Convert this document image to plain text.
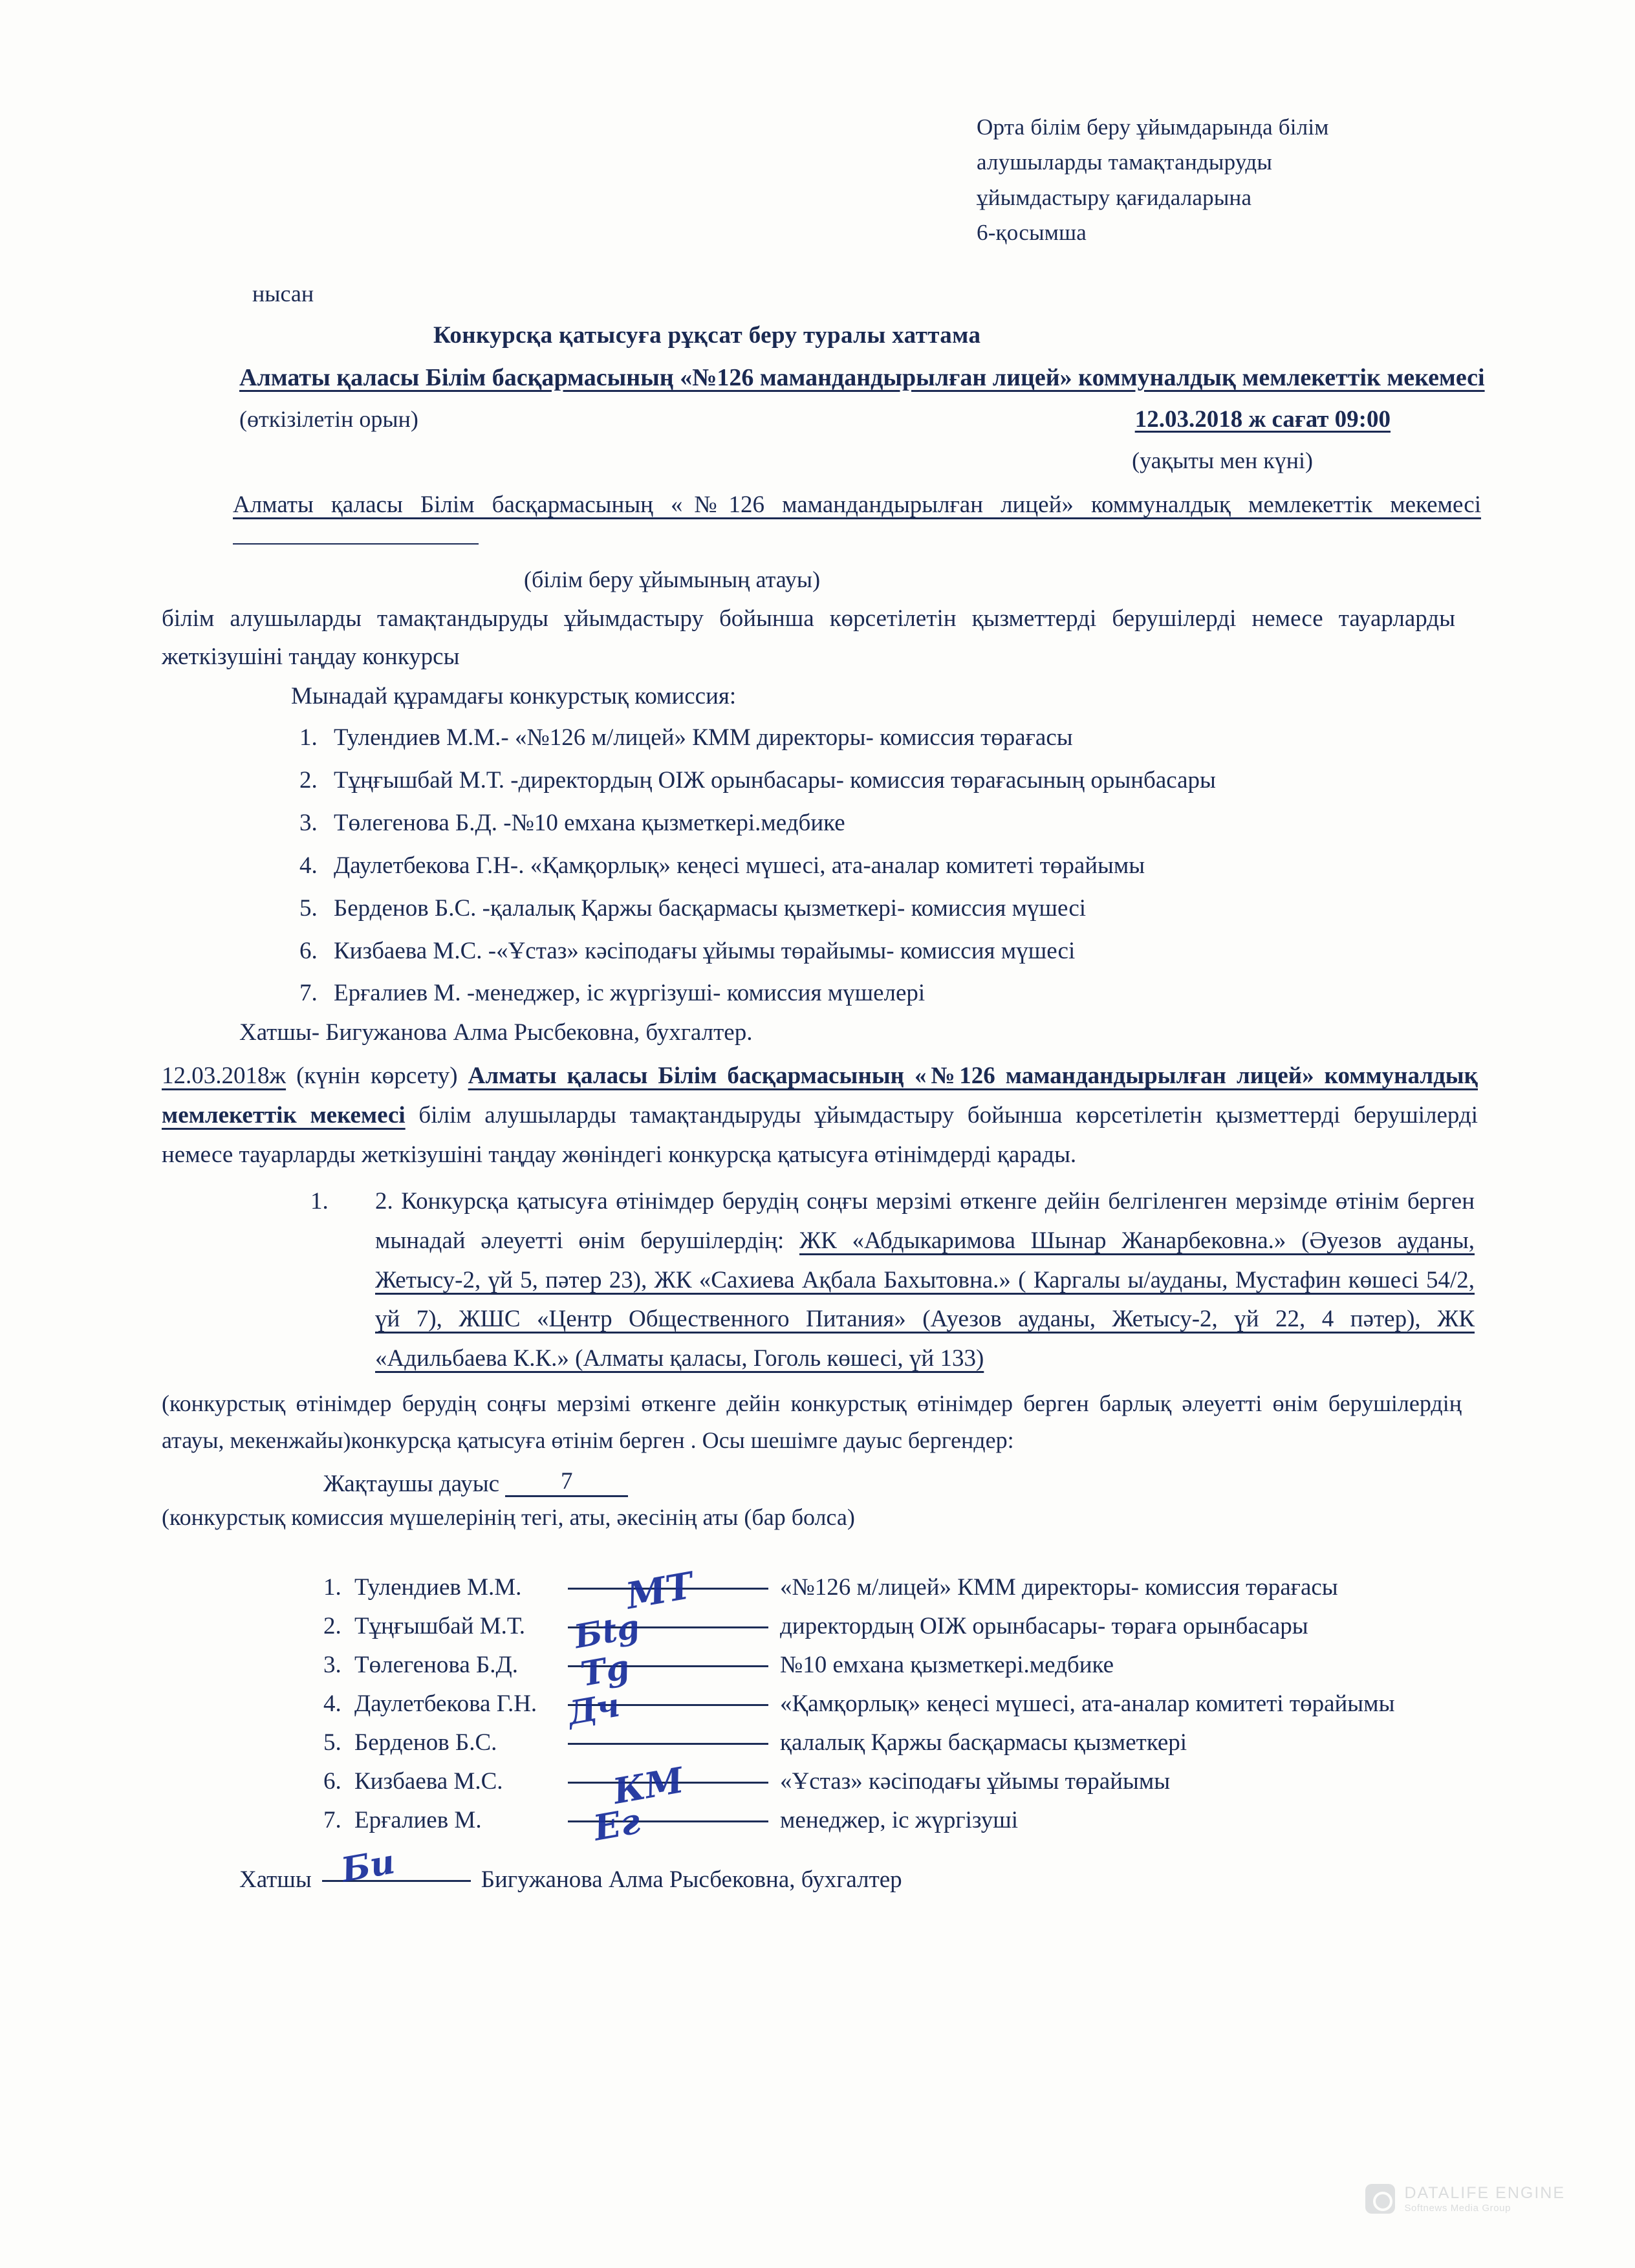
Орта білім беру ұйымдарында білім
алушыларды тамақтандыруды
ұйымдастыру қағидаларына
6-қосымша
нысан
Конкурсқа қатысуға рұқсат беру туралы хаттама
Алматы қаласы Білім басқармасының «№126 мамандандырылған лицей» коммуналдық мемлекеттік мекемесі
(өткізілетін орын)	12.03.2018 ж сағат 09:00
(уақыты мен күні)
Алматы қаласы Білім басқармасының «№126 мамандандырылған лицей» коммуналдық мемлекеттік мекемесі
(білім беру ұйымының атауы)
білім алушыларды тамақтандыруды ұйымдастыру бойынша көрсетілетін қызметтерді берушілерді немесе тауарларды жеткізушіні таңдау конкурсы
Мынадай құрамдағы конкурстық комиссия:
1. Тулендиев М.М.- «№126 м/лицей» КММ директоры- комиссия төрағасы
2. Тұңғышбай М.Т. -директордың ОІЖ орынбасары- комиссия төрағасының орынбасары
3. Төлегенова Б.Д. -№10 емхана қызметкері.медбике
4. Даулетбекова Г.Н-. «Қамқорлық» кеңесі мүшесі, ата-аналар комитеті төрайымы
5. Берденов Б.С. -қалалық Қаржы басқармасы қызметкері- комиссия мүшесі
6. Кизбаева М.С. -«Ұстаз» кәсіподағы ұйымы төрайымы- комиссия мүшесі
7. Ерғалиев М. -менеджер, іс жүргізуші- комиссия мүшелері
Хатшы- Бигужанова Алма Рысбековна, бухгалтер.
12.03.2018ж (күнін көрсету) Алматы қаласы Білім басқармасының «№126 мамандандырылған лицей» коммуналдық мемлекеттік мекемесі білім алушыларды тамақтандыруды ұйымдастыру бойынша көрсетілетін қызметтерді берушілерді немесе тауарларды жеткізушіні таңдау жөніндегі конкурсқа қатысуға өтінімдерді қарады.
1. 2. Конкурсқа қатысуға өтінімдер берудің соңғы мерзімі өткенге дейін белгіленген мерзімде өтінім берген мынадай әлеуетті өнім берушілердің: ЖК «Абдыкаримова Шынар Жанарбековна.» (Әуезов ауданы, Жетысу-2, үй 5, пәтер 23), ЖК «Сахиева Ақбала Бахытовна.» ( Каргалы ы/ауданы, Мустафин көшесі 54/2, үй 7), ЖШС «Центр Общественного Питания» (Ауезов ауданы, Жетысу-2, үй 22, 4 пәтер), ЖК «Адильбаева К.К.» (Алматы қаласы, Гоголь көшесі, үй 133)
(конкурстық өтінімдер берудің соңғы мерзімі өткенге дейін конкурстық өтінімдер берген барлық әлеуетті өнім берушілердің атауы, мекенжайы)конкурсқа қатысуға өтінім берген . Осы шешімге дауыс бергендер:
Жақтаушы дауыс	7
(конкурстық комиссия мүшелерінің тегі, аты, әкесінің аты (бар болса)
1. Тулендиев М.М.	МТ	«№126 м/лицей» КММ директоры- комиссия төрағасы
2. Тұңғышбай М.Т. Бtg	директордың ОІЖ орынбасары- төраға орынбасары
3. Төлегенова Б.Д. Тg	№10 емхана қызметкері.медбике
4. Даулетбекова Г.Н. Дч	«Қамқорлық» кеңесі мүшесі, ата-аналар комитеті төрайымы
5. Берденов Б.С.	қалалық Қаржы басқармасы қызметкері
6. Кизбаева М.С.	КМ	«Ұстаз» кәсіподағы ұйымы төрайымы
7. Ерғалиев М.	Ег	менеджер, іс жүргізуші
Хатшы Би	Бигужанова Алма Рысбековна, бухгалтер
DATALIFE ENGINE
Softnews Media Group
